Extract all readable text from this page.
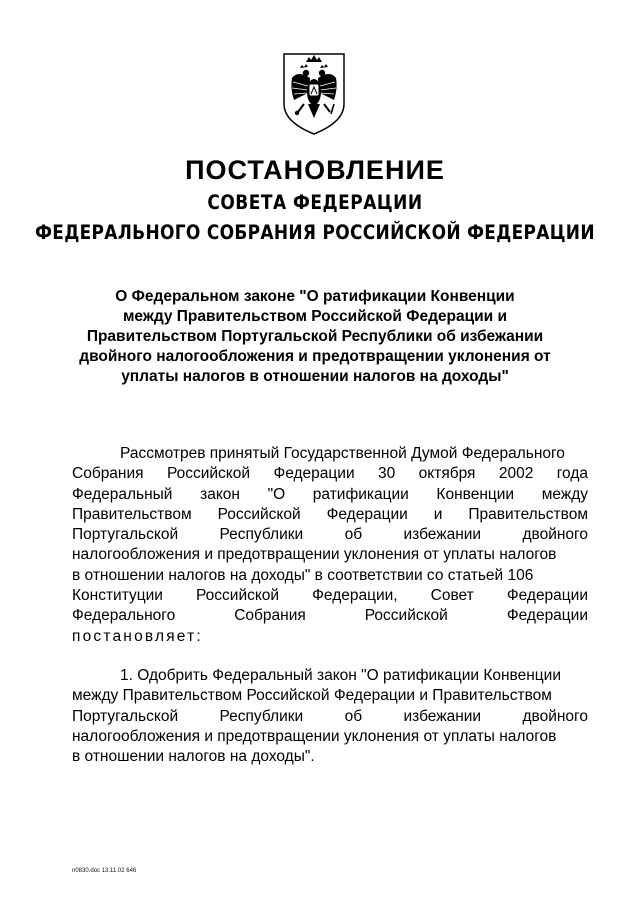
ПОСТАНОВЛЕНИЕ
СОВЕТА ФЕДЕРАЦИИ
ФЕДЕРАЛЬНОГО СОБРАНИЯ РОССИЙСКОЙ ФЕДЕРАЦИИ
О Федеральном законе "О ратификации Конвенции
между Правительством Российской Федерации и
Правительством Португальской Республики об избежании
двойного налогообложения и предотвращении уклонения от
уплаты налогов в отношении налогов на доходы"
Рассмотрев принятый Государственной Думой Федерального
Собрания Российской Федерации 30 октября 2002 года
Федеральный закон "О ратификации Конвенции между
Правительством Российской Федерации и Правительством
Португальской Республики об избежании двойного
налогообложения и предотвращении уклонения от уплаты налогов
в отношении налогов на доходы" в соответствии со статьей 106
Конституции Российской Федерации, Совет Федерации
Федерального Собрания Российской Федерации
постановляет:
1. Одобрить Федеральный закон "О ратификации Конвенции
между Правительством Российской Федерации и Правительством
Португальской Республики об избежании двойного
налогообложения и предотвращении уклонения от уплаты налогов
в отношении налогов на доходы".
n0830.doc 13.11.02 646
